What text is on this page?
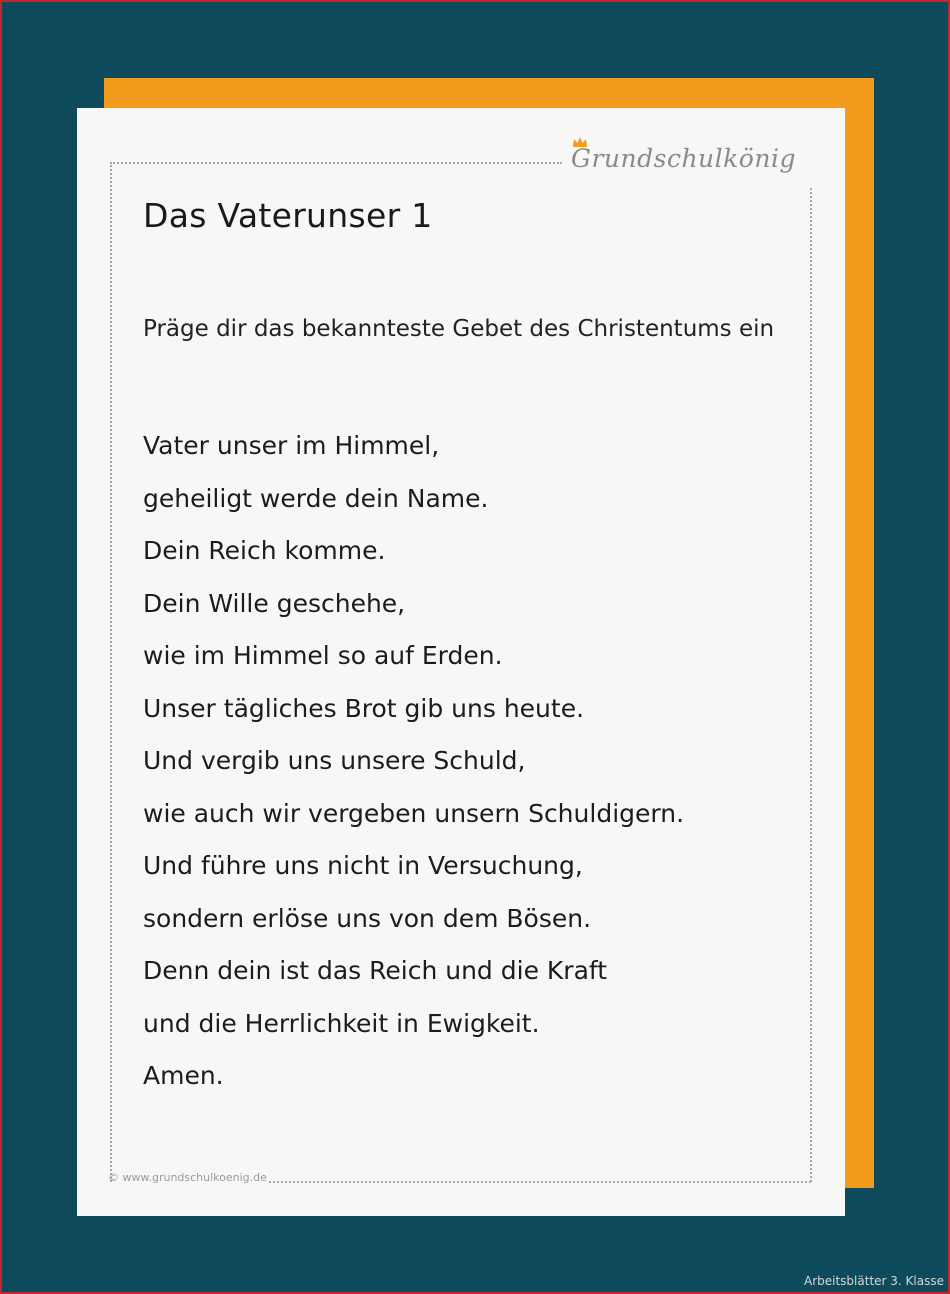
Grundschulkönig
Das Vaterunser 1
Präge dir das bekannteste Gebet des Christentums ein
Vater unser im Himmel,
geheiligt werde dein Name.
Dein Reich komme.
Dein Wille geschehe,
wie im Himmel so auf Erden.
Unser tägliches Brot gib uns heute.
Und vergib uns unsere Schuld,
wie auch wir vergeben unsern Schuldigern.
Und führe uns nicht in Versuchung,
sondern erlöse uns von dem Bösen.
Denn dein ist das Reich und die Kraft
und die Herrlichkeit in Ewigkeit.
Amen.
© www.grundschulkoenig.de
Arbeitsblätter 3. Klasse
